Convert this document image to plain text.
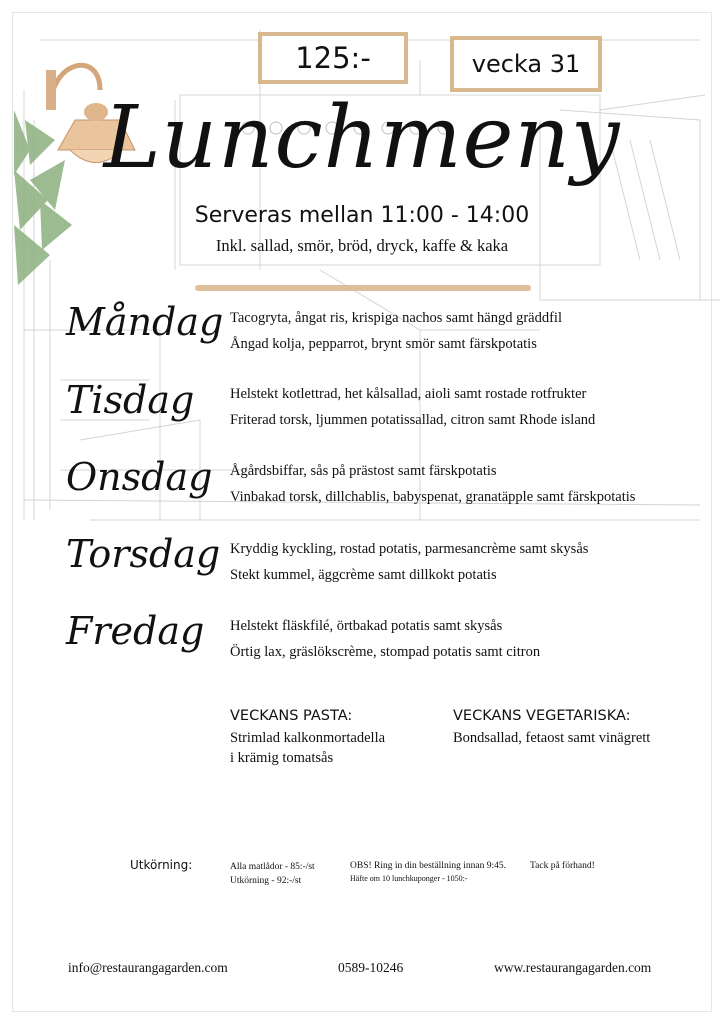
125:-	vecka 31
Lunchmeny
Serveras mellan 11:00 - 14:00
Inkl. sallad, smör, bröd, dryck, kaffe & kaka
Måndag Tacogryta, ångat ris, krispiga nachos samt hängd gräddfil
Ångad kolja, pepparrot, brynt smör samt färskpotatis
Tisdag	Helstekt kotlettrad, het kålsallad, aioli samt rostade rotfrukter
Friterad torsk, ljummen potatissallad, citron samt Rhode island
Onsdag	Ågårdsbiffar, sås på prästost samt färskpotatis
Vinbakad torsk, dillchablis, babyspenat, granatäpple samt färskpotatis
Torsdag Kryddig kyckling, rostad potatis, parmesancrème samt skysås
Stekt kummel, äggcrème samt dillkokt potatis
Fredag	Helstekt fläskfilé, örtbakad potatis samt skysås
Örtig lax, gräslökscrème, stompad potatis samt citron
VECKANS PASTA:
Strimlad kalkonmortadella
i krämig tomatsås
VECKANS VEGETARISKA:
Bondsallad, fetaost samt vinägrett
Utkörning:	Alla matlådor - 85:-/st
Utkörning - 92:-/st
OBS! Ring in din beställning innan 9:45.
Häfte om 10 lunchkuponger - 1050:-
Tack på förhand!
info@restaurangagarden.com	0589-10246	www.restaurangagarden.com
